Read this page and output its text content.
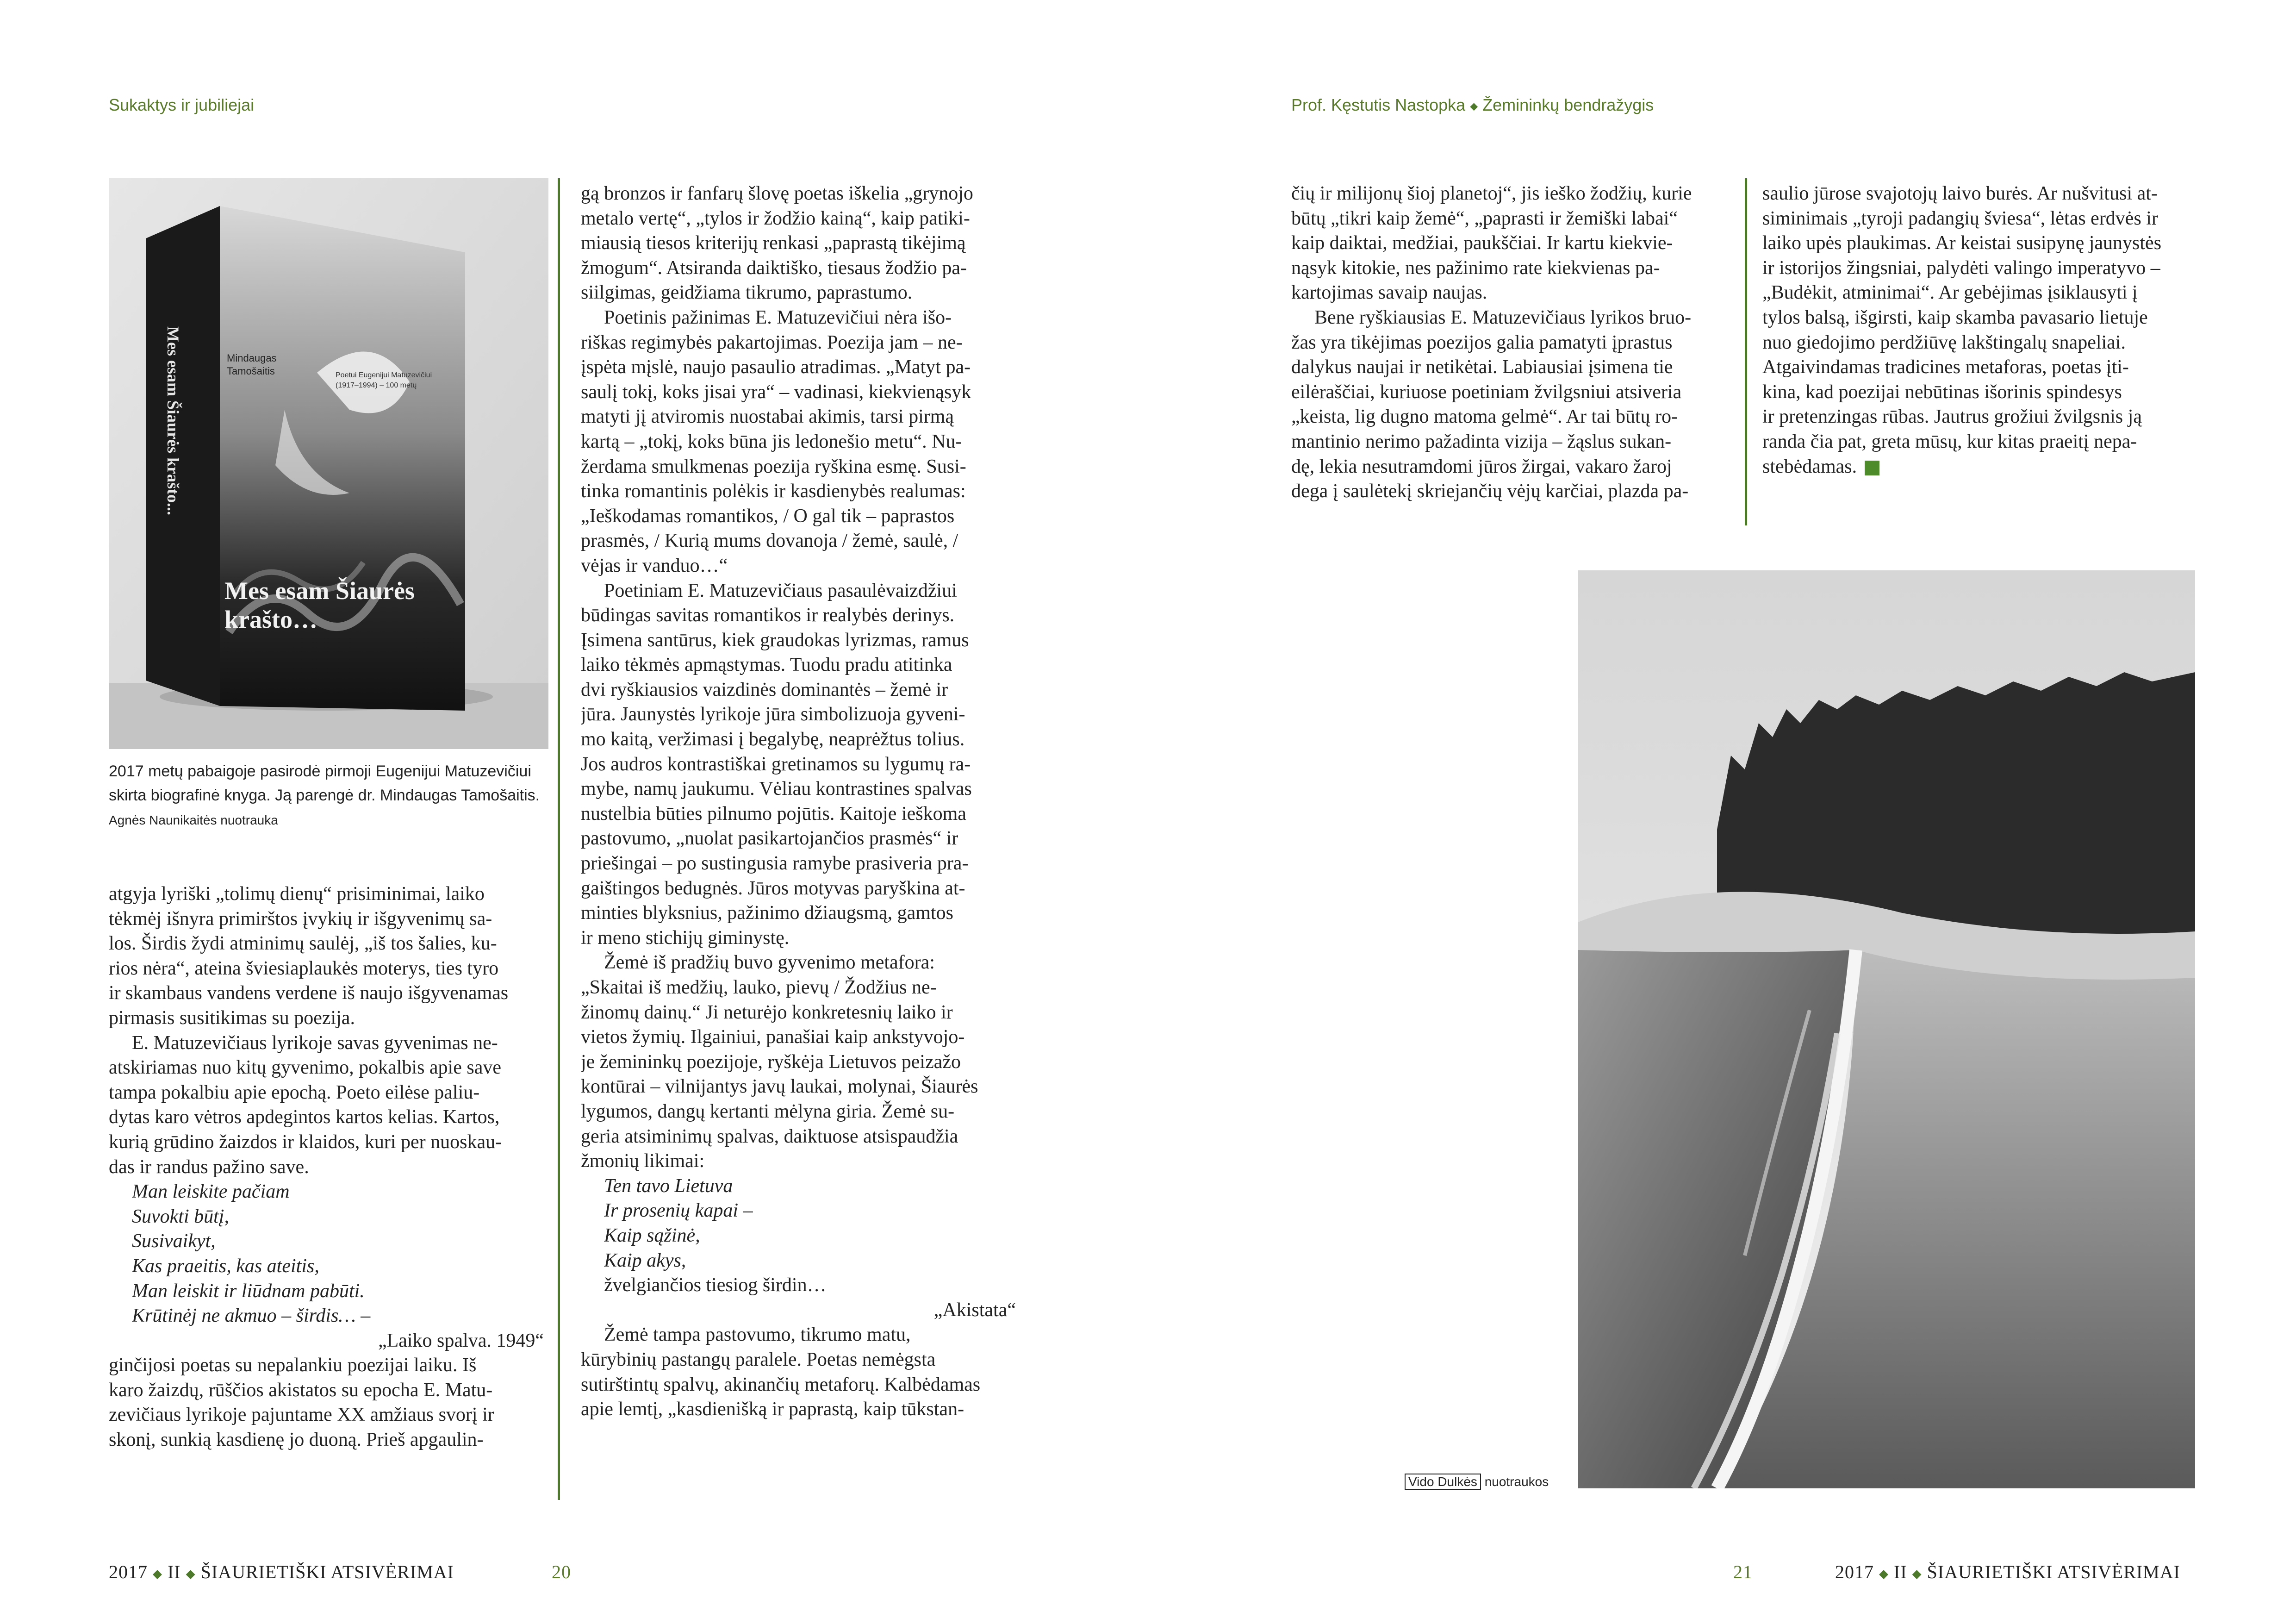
Sukaktys ir jubiliejai
Mindaugas Tamošaitis	Poetui Eugenijui Matuzevičiui (1917–1994) – 100 metų
Mes esam Šiaurės krašto…
Mes esam Šiaurės krašto...
2017 metų pabaigoje pasirodė pirmoji Eugenijui Matuzevičiui skirta biografinė knyga. Ją parengė dr. Mindaugas Tamošaitis. Agnės Naunikaitės nuotrauka
atgyja lyriški „tolimų dienų“ prisiminimai, laiko
tėkmėj išnyra primirštos įvykių ir išgyvenimų sa-
los. Širdis žydi atminimų saulėj, „iš tos šalies, ku-
rios nėra“, ateina šviesiaplaukės moterys, ties tyro
ir skambaus vandens verdene iš naujo išgyvenamas
pirmasis susitikimas su poezija.
E. Matuzevičiaus lyrikoje savas gyvenimas ne-
atskiriamas nuo kitų gyvenimo, pokalbis apie save
tampa pokalbiu apie epochą. Poeto eilėse paliu-
dytas karo vėtros apdegintos kartos kelias. Kartos,
kurią grūdino žaizdos ir klaidos, kuri per nuoskau-
das ir randus pažino save.
Man leiskite pačiam
Suvokti būtį,
Susivaikyt,
Kas praeitis, kas ateitis,
Man leiskit ir liūdnam pabūti.
Krūtinėj ne akmuo – širdis… –

„Laiko spalva. 1949“

ginčijosi poetas su nepalankiu poezijai laiku. Iš
karo žaizdų, rūščios akistatos su epocha E. Matu-
zevičiaus lyrikoje pajuntame XX amžiaus svorį ir
skonį, sunkią kasdienę jo duoną. Prieš apgaulin-
gą bronzos ir fanfarų šlovę poetas iškelia „grynojo
metalo vertę“, „tylos ir žodžio kainą“, kaip patiki-
miausią tiesos kriterijų renkasi „paprastą tikėjimą
žmogum“. Atsiranda daiktiško, tiesaus žodžio pa-
siilgimas, geidžiama tikrumo, paprastumo.
Poetinis pažinimas E. Matuzevičiui nėra išo-
riškas regimybės pakartojimas. Poezija jam – ne-
įspėta mįslė, naujo pasaulio atradimas. „Matyt pa-
saulį tokį, koks jisai yra“ – vadinasi, kiekvienąsyk
matyti jį atviromis nuostabai akimis, tarsi pirmą
kartą – „tokį, koks būna jis ledonešio metu“. Nu-
žerdama smulkmenas poezija ryškina esmę. Susi-
tinka romantinis polėkis ir kasdienybės realumas:
„Ieškodamas romantikos, / O gal tik – paprastos
prasmės, / Kurią mums dovanoja / žemė, saulė, /
vėjas ir vanduo…“
Poetiniam E. Matuzevičiaus pasaulėvaizdžiui
būdingas savitas romantikos ir realybės derinys.
Įsimena santūrus, kiek graudokas lyrizmas, ramus
laiko tėkmės apmąstymas. Tuodu pradu atitinka
dvi ryškiausios vaizdinės dominantės – žemė ir
jūra. Jaunystės lyrikoje jūra simbolizuoja gyveni-
mo kaitą, veržimasi į begalybę, neaprėžtus tolius.
Jos audros kontrastiškai gretinamos su lygumų ra-
mybe, namų jaukumu. Vėliau kontrastines spalvas
nustelbia būties pilnumo pojūtis. Kaitoje ieškoma
pastovumo, „nuolat pasikartojančios prasmės“ ir
priešingai – po sustingusia ramybe prasiveria pra-
gaištingos bedugnės. Jūros motyvas paryškina at-
minties blyksnius, pažinimo džiaugsmą, gamtos
ir meno stichijų giminystę.
Žemė iš pradžių buvo gyvenimo metafora:
„Skaitai iš medžių, lauko, pievų / Žodžius ne-
žinomų dainų.“ Ji neturėjo konkretesnių laiko ir
vietos žymių. Ilgainiui, panašiai kaip ankstyvojo-
je žemininkų poezijoje, ryškėja Lietuvos peizažo
kontūrai – vilnijantys javų laukai, molynai, Šiaurės
lygumos, dangų kertanti mėlyna giria. Žemė su-
geria atsiminimų spalvas, daiktuose atsispaudžia
žmonių likimai:
Ten tavo Lietuva
Ir prosenių kapai –
Kaip sąžinė,
Kaip akys,

žvelgiančios tiesiog širdin…

„Akistata“

Žemė tampa pastovumo, tikrumo matu,
kūrybinių pastangų paralele. Poetas nemėgsta
sutirštintų spalvų, akinančių metaforų. Kalbėdamas
apie lemtį, „kasdienišką ir paprastą, kaip tūkstan-
2017 ◆ II ◆ ŠIAURIETIŠKI ATSIVĖRIMAI	20
Prof. Kęstutis Nastopka ◆ Žemininkų bendražygis
čių ir milijonų šioj planetoj“, jis ieško žodžių, kurie
būtų „tikri kaip žemė“, „paprasti ir žemiški labai“
kaip daiktai, medžiai, paukščiai. Ir kartu kiekvie-
nąsyk kitokie, nes pažinimo rate kiekvienas pa-
kartojimas savaip naujas.
Bene ryškiausias E. Matuzevičiaus lyrikos bruo-
žas yra tikėjimas poezijos galia pamatyti įprastus
dalykus naujai ir netikėtai. Labiausiai įsimena tie
eilėraščiai, kuriuose poetiniam žvilgsniui atsiveria
„keista, lig dugno matoma gelmė“. Ar tai būtų ro-
mantinio nerimo pažadinta vizija – žąslus sukan-
dę, lekia nesutramdomi jūros žirgai, vakaro žaroj
dega į saulėtekį skriejančių vėjų karčiai, plazda pa-
saulio jūrose svajotojų laivo burės. Ar nušvitusi at-
siminimais „tyroji padangių šviesa“, lėtas erdvės ir
laiko upės plaukimas. Ar keistai susipynę jaunystės
ir istorijos žingsniai, palydėti valingo imperatyvo –
„Budėkit, atminimai“. Ar gebėjimas įsiklausyti į
tylos balsą, išgirsti, kaip skamba pavasario lietuje
nuo giedojimo perdžiūvę lakštingalų snapeliai.
Atgaivindamas tradicines metaforas, poetas įti-
kina, kad poezijai nebūtinas išorinis spindesys
ir pretenzingas rūbas. Jautrus grožiui žvilgsnis ją
randa čia pat, greta mūsų, kur kitas praeitį nepa-

stebėdamas.

Vido Dulkės nuotraukos
21	2017 ◆ II ◆ ŠIAURIETIŠKI ATSIVĖRIMAI
